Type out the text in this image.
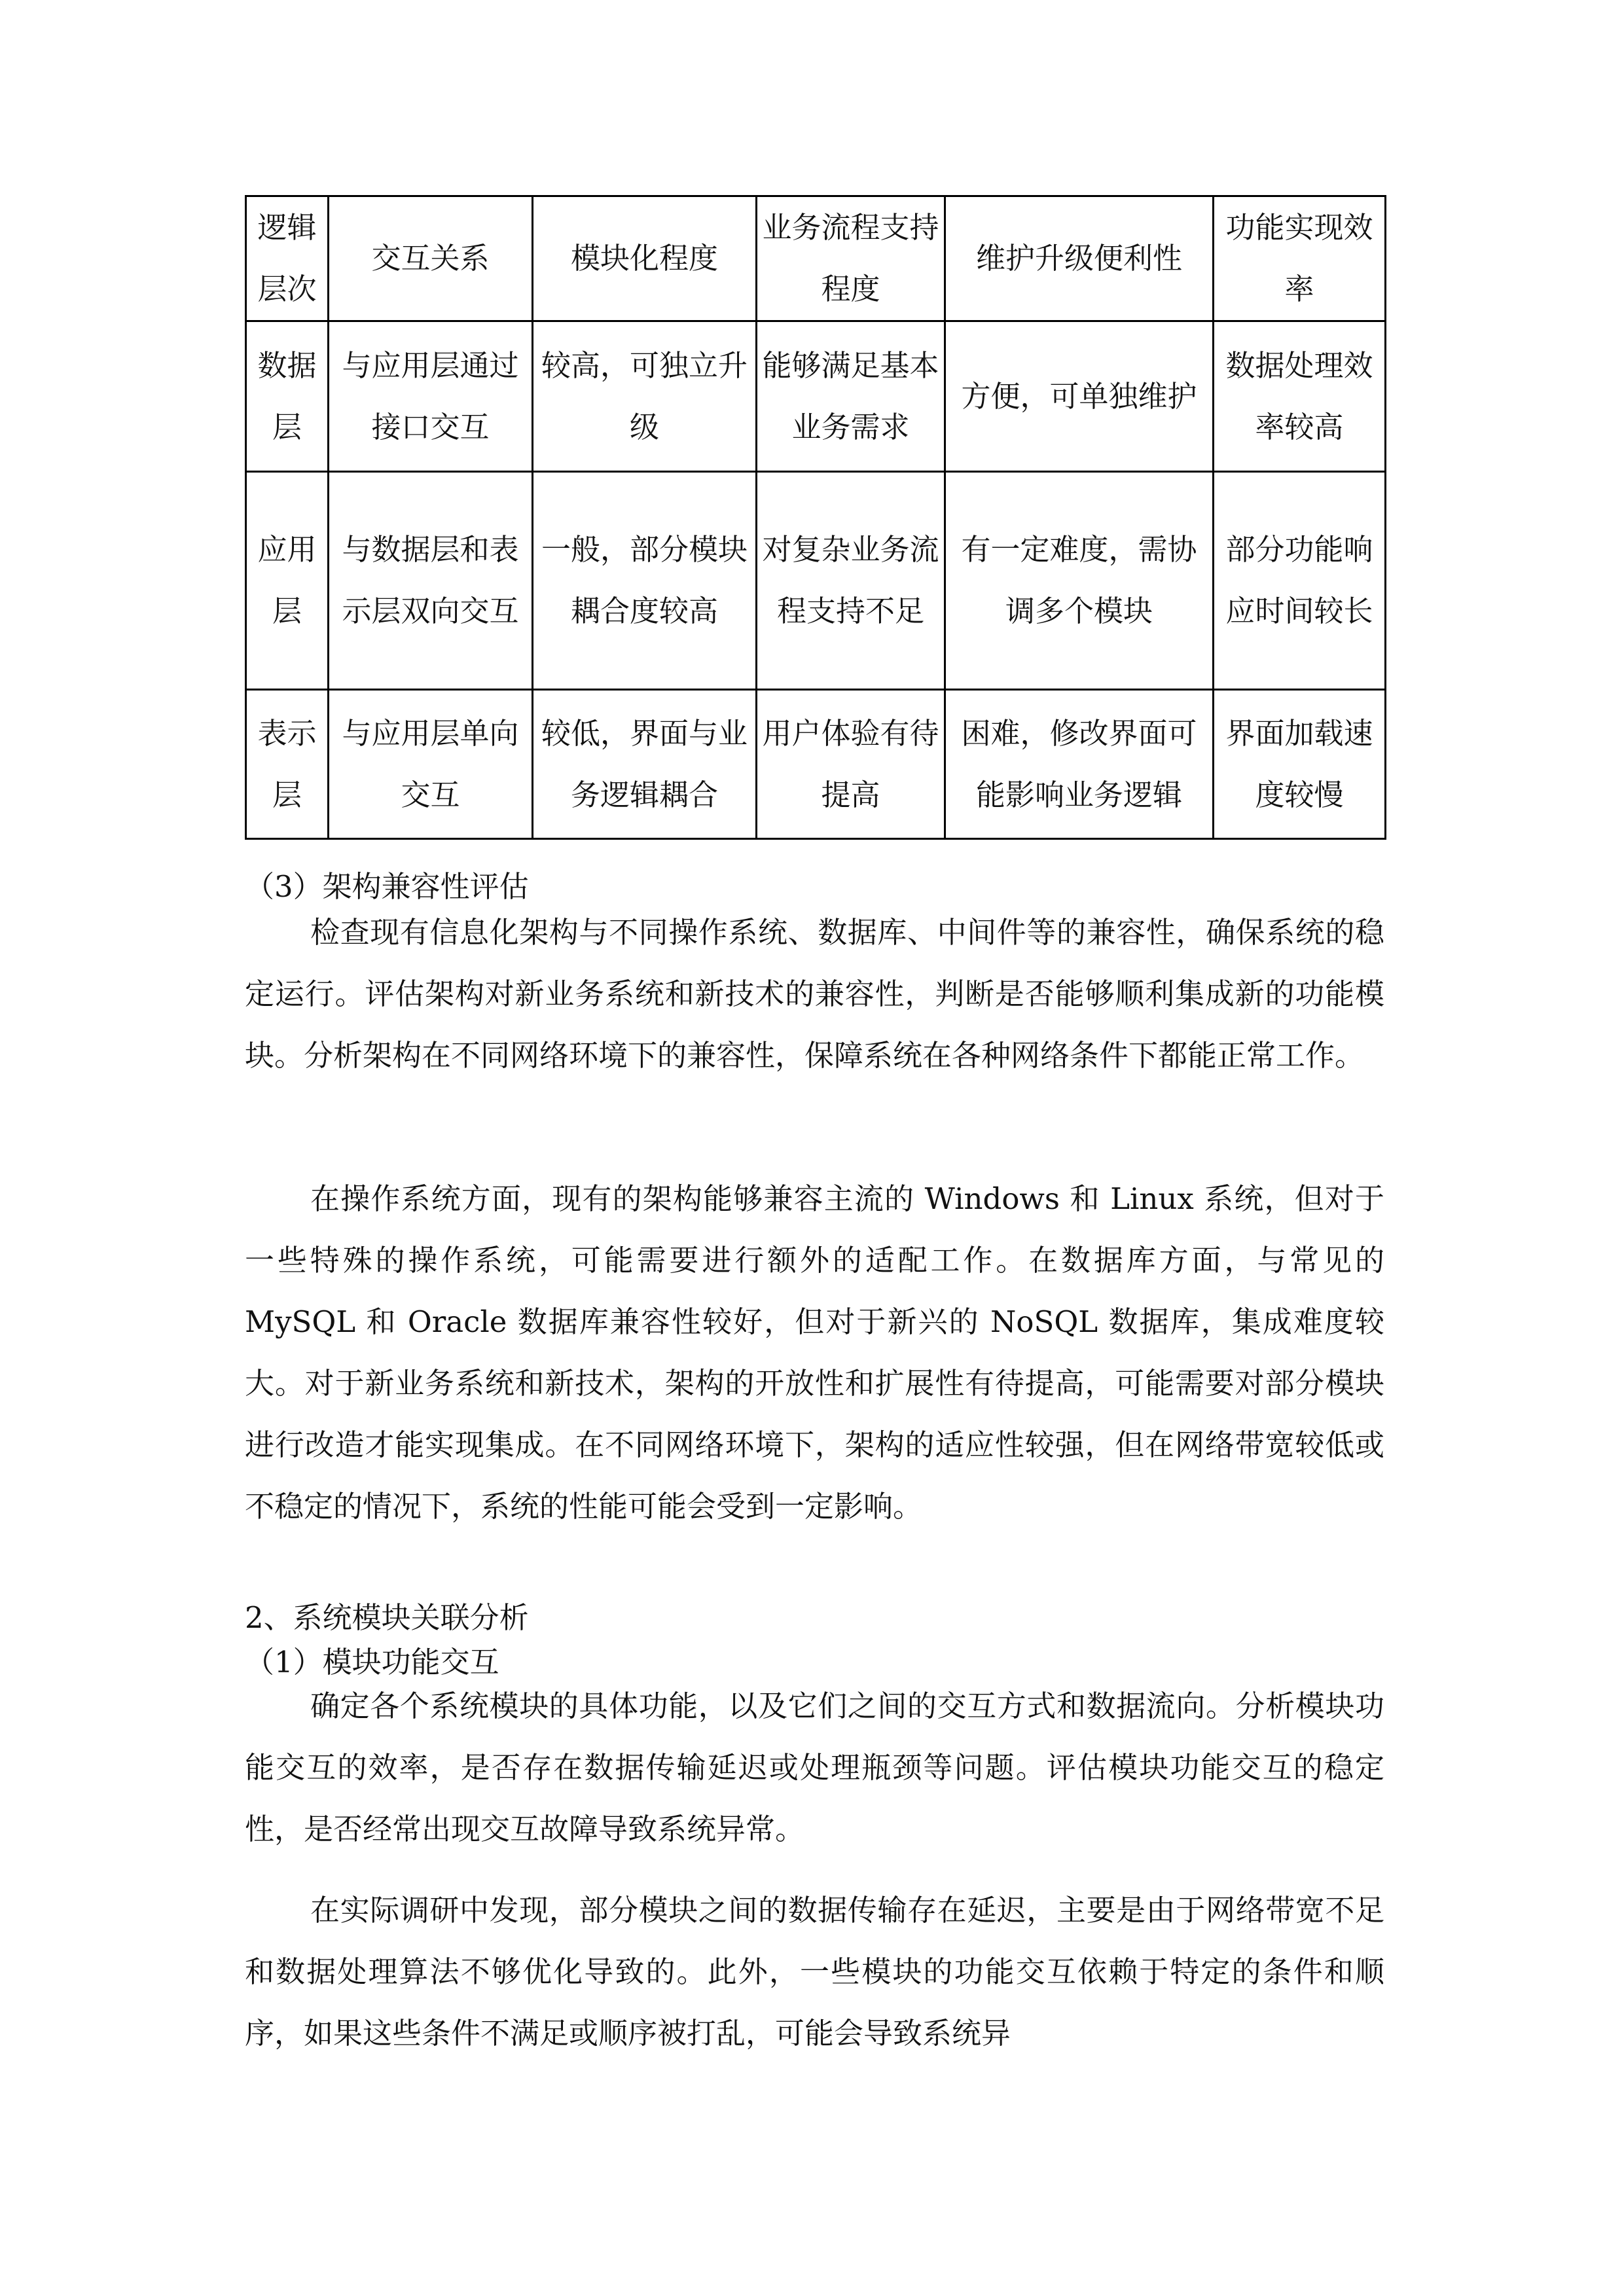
逻辑层次	交互关系	模块化程度	业务流程支持程度	维护升级便利性	功能实现效率
数据层	与应用层通过接口交互	较高，可独立升级	能够满足基本业务需求	方便，可单独维护	数据处理效率较高
应用层	与数据层和表示层双向交互	一般，部分模块耦合度较高	对复杂业务流程支持不足	有一定难度，需协调多个模块	部分功能响应时间较长
表示层	与应用层单向交互	较低，界面与业务逻辑耦合	用户体验有待提高	困难，修改界面可能影响业务逻辑	界面加载速度较慢

（3）架构兼容性评估

检查现有信息化架构与不同操作系统、数据库、中间件等的兼容性，确保系统的稳定运行。评估架构对新业务系统和新技术的兼容性，判断是否能够顺利集成新的功能模块。分析架构在不同网络环境下的兼容性，保障系统在各种网络条件下都能正常工作。

在操作系统方面，现有的架构能够兼容主流的 Windows 和 Linux 系统，但对于一些特殊的操作系统，可能需要进行额外的适配工作。在数据库方面，与常见的 MySQL 和 Oracle 数据库兼容性较好，但对于新兴的 NoSQL 数据库，集成难度较大。对于新业务系统和新技术，架构的开放性和扩展性有待提高，可能需要对部分模块进行改造才能实现集成。在不同网络环境下，架构的适应性较强，但在网络带宽较低或不稳定的情况下，系统的性能可能会受到一定影响。

2、系统模块关联分析

（1）模块功能交互

确定各个系统模块的具体功能，以及它们之间的交互方式和数据流向。分析模块功能交互的效率，是否存在数据传输延迟或处理瓶颈等问题。评估模块功能交互的稳定性，是否经常出现交互故障导致系统异常。

在实际调研中发现，部分模块之间的数据传输存在延迟，主要是由于网络带宽不足和数据处理算法不够优化导致的。此外，一些模块的功能交互依赖于特定的条件和顺序，如果这些条件不满足或顺序被打乱，可能会导致系统异
